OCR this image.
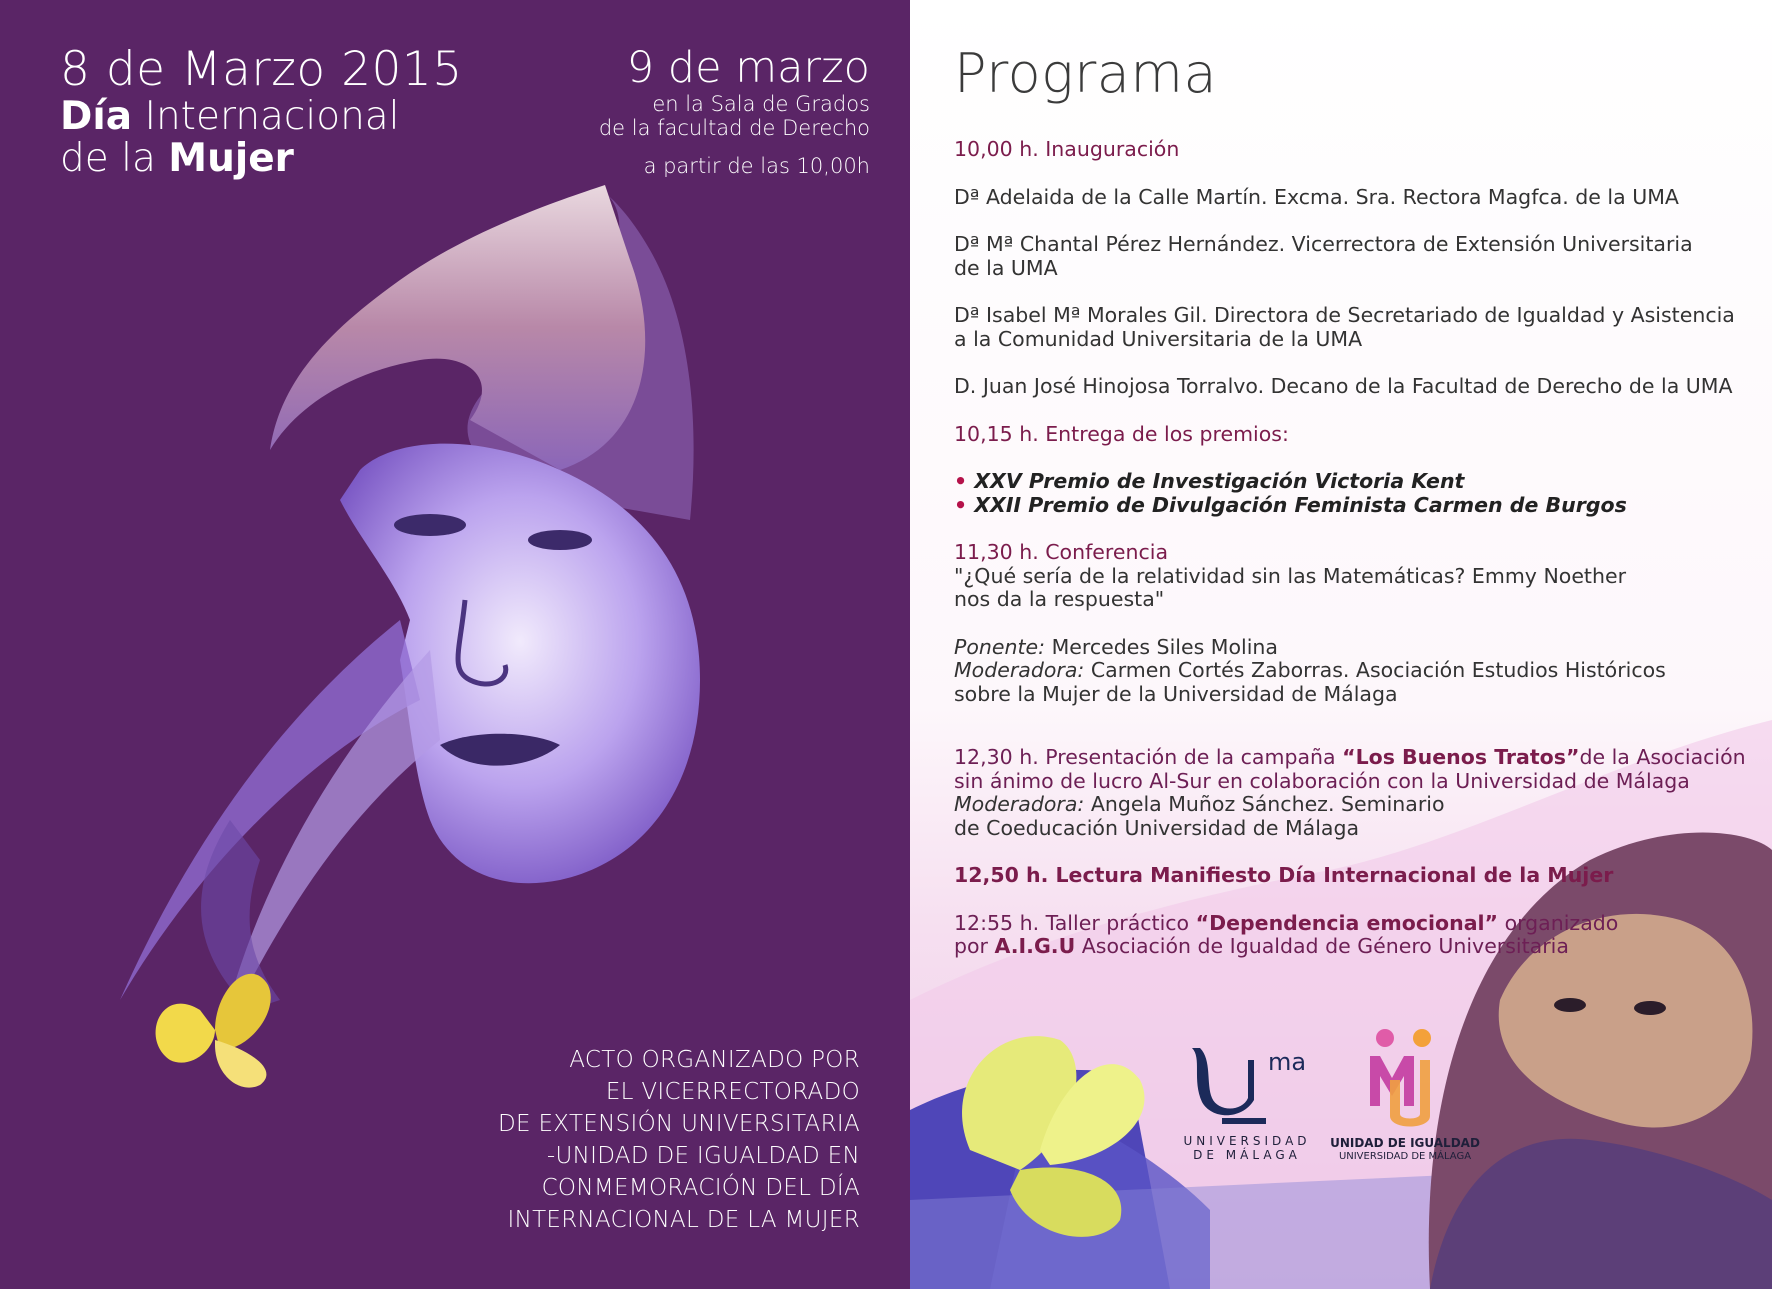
8 de Marzo 2015
Día Internacional
de la Mujer
9 de marzo
en la Sala de Grados
de la facultad de Derecho
a partir de las 10,00h
ACTO ORGANIZADO POR
EL VICERRECTORADO
DE EXTENSIÓN UNIVERSITARIA
-UNIDAD DE IGUALDAD EN
CONMEMORACIÓN DEL DÍA
INTERNACIONAL DE LA MUJER
Programa
10,00 h. Inauguración
Dª Adelaida de la Calle Martín. Excma. Sra. Rectora Magfca. de la UMA
Dª Mª Chantal Pérez Hernández. Vicerrectora de Extensión Universitaria
de la UMA
Dª Isabel Mª Morales Gil. Directora de Secretariado de Igualdad y Asistencia
a la Comunidad Universitaria de la UMA
D. Juan José Hinojosa Torralvo. Decano de la Facultad de Derecho de la UMA
10,15 h. Entrega de los premios:
• XXV Premio de Investigación Victoria Kent
• XXII Premio de Divulgación Feminista Carmen de Burgos
11,30 h. Conferencia
"¿Qué sería de la relatividad sin las Matemáticas? Emmy Noether
nos da la respuesta"
Ponente: Mercedes Siles Molina
Moderadora: Carmen Cortés Zaborras. Asociación Estudios Históricos
sobre la Mujer de la Universidad de Málaga
12,30 h. Presentación de la campaña “Los Buenos Tratos”de la Asociación
sin ánimo de lucro Al-Sur en colaboración con la Universidad de Málaga
Moderadora: Angela Muñoz Sánchez. Seminario
de Coeducación Universidad de Málaga
12,50 h. Lectura Manifiesto Día Internacional de la Mujer
12:55 h. Taller práctico “Dependencia emocional” organizado
por A.I.G.U Asociación de Igualdad de Género Universitaria
ma
UNIVERSIDAD
DE MÁLAGA
UNIDAD DE IGUALDAD
UNIVERSIDAD DE MÁLAGA
